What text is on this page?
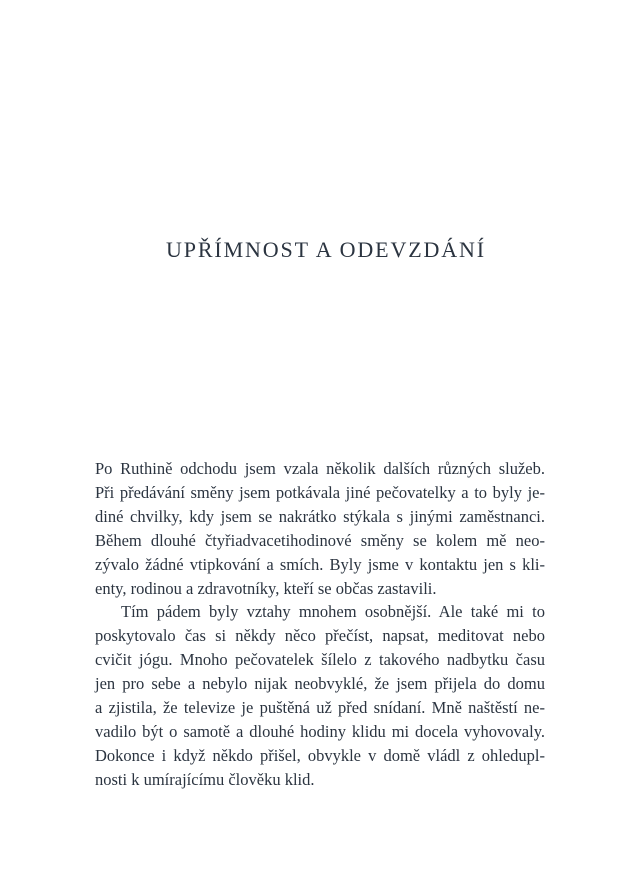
UPŘÍMNOST A ODEVZDÁNÍ
Po Ruthině odchodu jsem vzala několik dalších různých služeb.
Při předávání směny jsem potkávala jiné pečovatelky a to byly je-
diné chvilky, kdy jsem se nakrátko stýkala s jinými zaměstnanci.
Během dlouhé čtyřiadvacetihodinové směny se kolem mě neo-
zývalo žádné vtipkování a smích. Byly jsme v kontaktu jen s kli-
enty, rodinou a zdravotníky, kteří se občas zastavili.
Tím pádem byly vztahy mnohem osobnější. Ale také mi to
poskytovalo čas si někdy něco přečíst, napsat, meditovat nebo
cvičit jógu. Mnoho pečovatelek šílelo z takového nadbytku času
jen pro sebe a nebylo nijak neobvyklé, že jsem přijela do domu
a zjistila, že televize je puštěná už před snídaní. Mně naštěstí ne-
vadilo být o samotě a dlouhé hodiny klidu mi docela vyhovovaly.
Dokonce i když někdo přišel, obvykle v domě vládl z ohledupl-
nosti k umírajícímu člověku klid.
